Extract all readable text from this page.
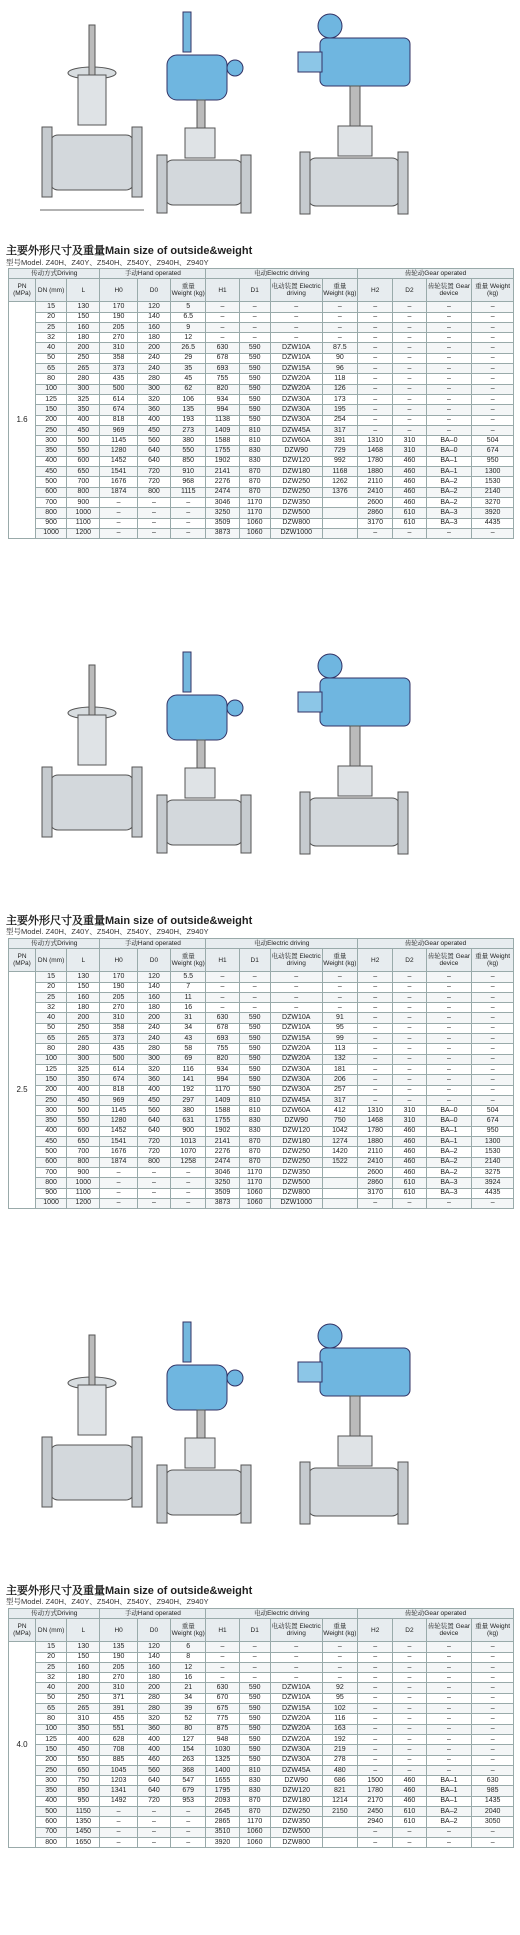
主要外形尺寸及重量Main size of outside&weight
型号Model. Z40H、Z40Y、Z540H、Z540Y、Z940H、Z940Y
传动方式Driving			手动Hand operated			电动Electric driving				齿轮动Gear operated			
PN (MPa)	DN (mm)	L	H0	D0	重量 Weight (kg)	H1	D1	电动装置 Electric driving	重量 Weight (kg)	H2	D2	齿轮装置 Gear device	重量 Weight (kg)
1.6	15	130	170	120	5	–	–	–	–	–	–	–	–
	20	150	190	140	6.5	–	–	–	–	–	–	–	–
	25	160	205	160	9	–	–	–	–	–	–	–	–
	32	180	270	180	12	–	–	–	–	–	–	–	–
	40	200	310	200	26.5	630	590	DZW10A	87.5	–	–	–	–
	50	250	358	240	29	678	590	DZW10A	90	–	–	–	–
	65	265	373	240	35	693	590	DZW15A	96	–	–	–	–
	80	280	435	280	45	755	590	DZW20A	118	–	–	–	–
	100	300	500	300	62	820	590	DZW20A	126	–	–	–	–
	125	325	614	320	106	934	590	DZW30A	173	–	–	–	–
	150	350	674	360	135	994	590	DZW30A	195	–	–	–	–
	200	400	818	400	193	1138	590	DZW30A	254	–	–	–	–
	250	450	969	450	273	1409	810	DZW45A	317	–	–	–	–
	300	500	1145	560	380	1588	810	DZW60A	391	1310	310	BA–0	504
	350	550	1280	640	550	1755	830	DZW90	729	1468	310	BA–0	674
	400	600	1452	640	850	1902	830	DZW120	992	1780	460	BA–1	950
	450	650	1541	720	910	2141	870	DZW180	1168	1880	460	BA–1	1300
	500	700	1676	720	968	2276	870	DZW250	1262	2110	460	BA–2	1530
	600	800	1874	800	1115	2474	870	DZW250	1376	2410	460	BA–2	2140
	700	900	–	–	–	3046	1170	DZW350		2600	460	BA–2	3270
	800	1000	–	–	–	3250	1170	DZW500		2860	610	BA–3	3920
	900	1100	–	–	–	3509	1060	DZW800		3170	610	BA–3	4435
	1000	1200	–	–	–	3873	1060	DZW1000		–	–	–	–
主要外形尺寸及重量Main size of outside&weight
型号Model. Z40H、Z40Y、Z540H、Z540Y、Z940H、Z940Y
传动方式Driving			手动Hand operated			电动Electric driving				齿轮动Gear operated			
PN (MPa)	DN (mm)	L	H0	D0	重量 Weight (kg)	H1	D1	电动装置 Electric driving	重量 Weight (kg)	H2	D2	齿轮装置 Gear device	重量 Weight (kg)
2.5	15	130	170	120	5.5	–	–	–	–	–	–	–	–
	20	150	190	140	7	–	–	–	–	–	–	–	–
	25	160	205	160	11	–	–	–	–	–	–	–	–
	32	180	270	180	16	–	–	–	–	–	–	–	–
	40	200	310	200	31	630	590	DZW10A	91	–	–	–	–
	50	250	358	240	34	678	590	DZW10A	95	–	–	–	–
	65	265	373	240	43	693	590	DZW15A	99	–	–	–	–
	80	280	435	280	58	755	590	DZW20A	113	–	–	–	–
	100	300	500	300	69	820	590	DZW20A	132	–	–	–	–
	125	325	614	320	116	934	590	DZW30A	181	–	–	–	–
	150	350	674	360	141	994	590	DZW30A	206	–	–	–	–
	200	400	818	400	192	1170	590	DZW30A	257	–	–	–	–
	250	450	969	450	297	1409	810	DZW45A	317	–	–	–	–
	300	500	1145	560	380	1588	810	DZW60A	412	1310	310	BA–0	504
	350	550	1280	640	631	1755	830	DZW90	750	1468	310	BA–0	674
	400	600	1452	640	900	1902	830	DZW120	1042	1780	460	BA–1	950
	450	650	1541	720	1013	2141	870	DZW180	1274	1880	460	BA–1	1300
	500	700	1676	720	1070	2276	870	DZW250	1420	2110	460	BA–2	1530
	600	800	1874	800	1258	2474	870	DZW250	1522	2410	460	BA–2	2140
	700	900	–	–	–	3046	1170	DZW350		2600	460	BA–2	3275
	800	1000	–	–	–	3250	1170	DZW500		2860	610	BA–3	3924
	900	1100	–	–	–	3509	1060	DZW800		3170	610	BA–3	4435
	1000	1200	–	–	–	3873	1060	DZW1000		–	–	–	–
主要外形尺寸及重量Main size of outside&weight
型号Model. Z40H、Z40Y、Z540H、Z540Y、Z940H、Z940Y
传动方式Driving			手动Hand operated			电动Electric driving				齿轮动Gear operated			
PN (MPa)	DN (mm)	L	H0	D0	重量 Weight (kg)	H1	D1	电动装置 Electric driving	重量 Weight (kg)	H2	D2	齿轮装置 Gear device	重量 Weight (kg)
4.0	15	130	135	120	6	–	–	–	–	–	–	–	–
	20	150	190	140	8	–	–	–	–	–	–	–	–
	25	160	205	160	12	–	–	–	–	–	–	–	–
	32	180	270	180	16	–	–	–	–	–	–	–	–
	40	200	310	200	21	630	590	DZW10A	92	–	–	–	–
	50	250	371	280	34	670	590	DZW10A	95	–	–	–	–
	65	265	391	280	39	675	590	DZW15A	102	–	–	–	–
	80	310	455	320	52	775	590	DZW20A	116	–	–	–	–
	100	350	551	360	80	875	590	DZW20A	163	–	–	–	–
	125	400	628	400	127	948	590	DZW20A	192	–	–	–	–
	150	450	708	400	154	1030	590	DZW30A	219	–	–	–	–
	200	550	885	460	263	1325	590	DZW30A	278	–	–	–	–
	250	650	1045	560	368	1400	810	DZW45A	480	–	–	–	–
	300	750	1203	640	547	1655	830	DZW90	686	1500	460	BA–1	630
	350	850	1341	640	679	1795	830	DZW120	821	1780	460	BA–1	985
	400	950	1492	720	953	2093	870	DZW180	1214	2170	460	BA–1	1435
	500	1150	–	–	–	2645	870	DZW250	2150	2450	610	BA–2	2040
	600	1350	–	–	–	2865	1170	DZW350		2940	610	BA–2	3050
	700	1450	–	–	–	3510	1060	DZW500		–	–	–	–
	800	1650	–	–	–	3920	1060	DZW800		–	–	–	–
